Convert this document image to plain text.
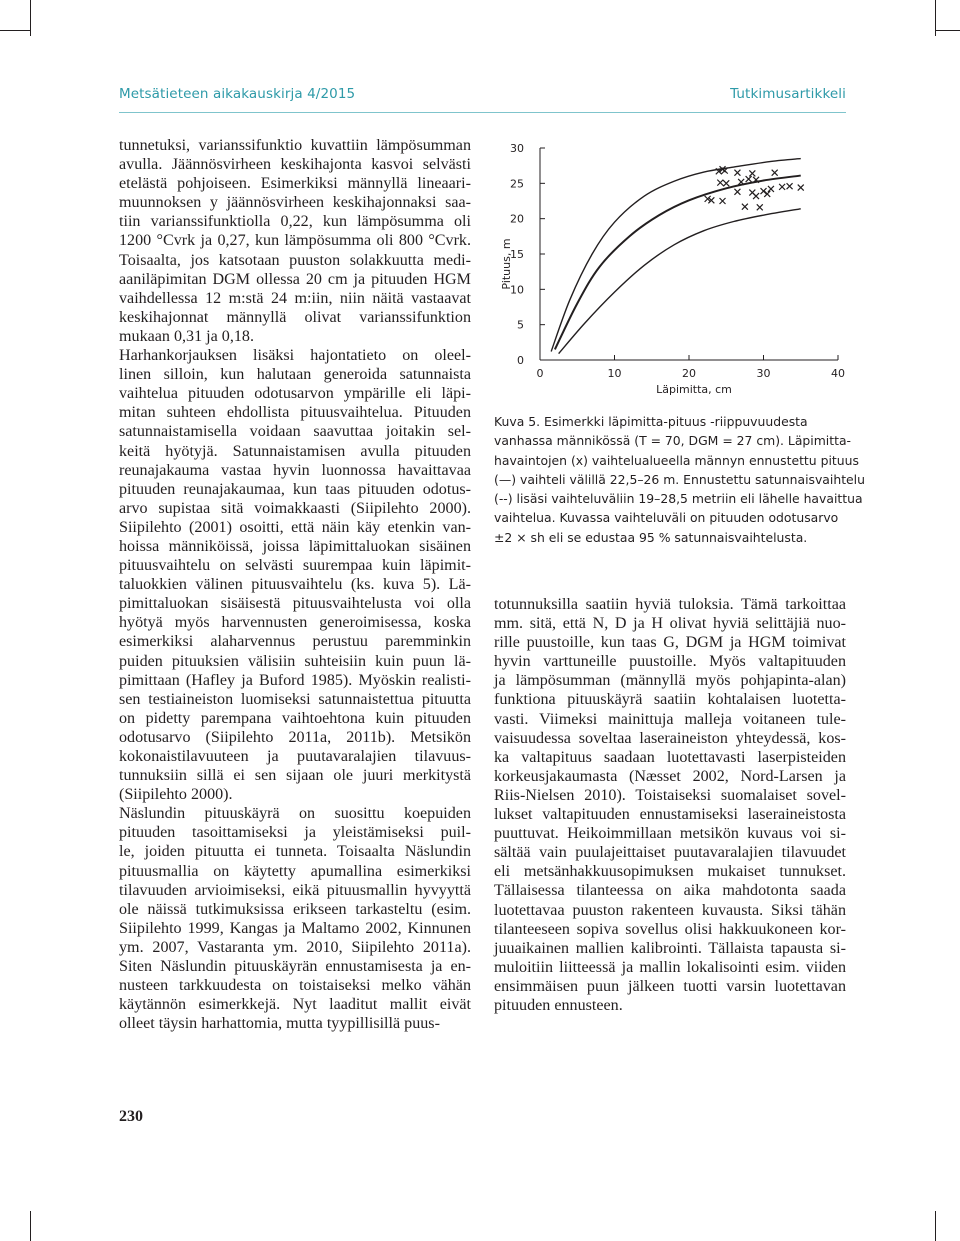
Metsätieteen aikakauskirja 4/2015	Tutkimusartikkeli

tunnetuksi, varianssifunktio kuvattiin lämpösumman
avulla. Jäännösvirheen keskihajonta kasvoi selvästi
etelästä pohjoiseen. Esimerkiksi männyllä lineaari-
muunnoksen y jäännösvirheen keskihajonnaksi saa-
tiin varianssifunktiolla 0,22, kun lämpösumma oli
1200 °Cvrk ja 0,27, kun lämpösumma oli 800 °Cvrk.
Toisaalta, jos katsotaan puuston solakkuutta medi-
aaniläpimitan DGM ollessa 20 cm ja pituuden HGM
vaihdellessa 12 m:stä 24 m:iin, niin näitä vastaavat
keskihajonnat männyllä olivat varianssifunktion
mukaan 0,31 ja 0,18.
Harhankorjauksen lisäksi hajontatieto on oleel-
linen silloin, kun halutaan generoida satunnaista
vaihtelua pituuden odotusarvon ympärille eli läpi-
mitan suhteen ehdollista pituusvaihtelua. Pituuden
satunnaistamisella voidaan saavuttaa joitakin sel-
keitä hyötyjä. Satunnaistamisen avulla pituuden
reunajakauma vastaa hyvin luonnossa havaittavaa
pituuden reunajakaumaa, kun taas pituuden odotus-
arvo supistaa sitä voimakkaasti (Siipilehto 2000).
Siipilehto (2001) osoitti, että näin käy etenkin van-
hoissa männiköissä, joissa läpimittaluokan sisäinen
pituusvaihtelu on selvästi suurempaa kuin läpimit-
taluokkien välinen pituusvaihtelu (ks. kuva 5). Lä-
pimittaluokan sisäisestä pituusvaihtelusta voi olla
hyötyä myös harvennusten generoimisessa, koska
esimerkiksi alaharvennus perustuu paremminkin
puiden pituuksien välisiin suhteisiin kuin puun lä-
pimittaan (Hafley ja Buford 1985). Myöskin realisti-
sen testiaineiston luomiseksi satunnaistettua pituutta
on pidetty parempana vaihtoehtona kuin pituuden
odotusarvo (Siipilehto 2011a, 2011b). Metsikön
kokonaistilavuuteen ja puutavaralajien tilavuus-
tunnuksiin sillä ei sen sijaan ole juuri merkitystä
(Siipilehto 2000).
Näslundin pituuskäyrä on suosittu koepuiden
pituuden tasoittamiseksi ja yleistämiseksi puil-
le, joiden pituutta ei tunneta. Toisaalta Näslundin
pituusmallia on käytetty apumallina esimerkiksi
tilavuuden arvioimiseksi, eikä pituusmallin hyvyyttä
ole näissä tutkimuksissa erikseen tarkasteltu (esim.
Siipilehto 1999, Kangas ja Maltamo 2002, Kinnunen
ym. 2007, Vastaranta ym. 2010, Siipilehto 2011a).
Siten Näslundin pituuskäyrän ennustamisesta ja en-
nusteen tarkkuudesta on toistaiseksi melko vähän
käytännön esimerkkejä. Nyt laaditut mallit eivät
olleet täysin harhattomia, mutta tyypillisillä puus-

0
5
10
15
20
25
30
0	10	20	30	40
Läpimitta, cm
Pituus, m
Kuva 5. Esimerkki läpimitta-pituus -riippuvuudesta
vanhassa männikössä (T = 70, DGM = 27 cm). Läpimitta-
havaintojen (x) vaihtelualueella männyn ennustettu pituus
(—) vaihteli välillä 22,5–26 m. Ennustettu satunnaisvaihtelu
(--) lisäsi vaihteluväliin 19–28,5 metriin eli lähelle havaittua
vaihtelua. Kuvassa vaihteluväli on pituuden odotusarvo
±2 × sh eli se edustaa 95 % satunnaisvaihtelusta.

totunnuksilla saatiin hyviä tuloksia. Tämä tarkoittaa
mm. sitä, että N, D ja H olivat hyviä selittäjiä nuo-
rille puustoille, kun taas G, DGM ja HGM toimivat
hyvin varttuneille puustoille. Myös valtapituuden
ja lämpösumman (männyllä myös pohjapinta-alan)
funktiona pituuskäyrä saatiin kohtalaisen luotetta-
vasti. Viimeksi mainittuja malleja voitaneen tule-
vaisuudessa soveltaa laseraineiston yhteydessä, kos-
ka valtapituus saadaan luotettavasti laserpisteiden
korkeusjakaumasta (Næsset 2002, Nord-Larsen ja
Riis-Nielsen 2010). Toistaiseksi suomalaiset sovel-
lukset valtapituuden ennustamiseksi laseraineistosta
puuttuvat. Heikoimmillaan metsikön kuvaus voi si-
sältää vain puulajeittaiset puutavaralajien tilavuudet
eli metsänhakkuusopimuksen mukaiset tunnukset.
Tällaisessa tilanteessa on aika mahdotonta saada
luotettavaa puuston rakenteen kuvausta. Siksi tähän
tilanteeseen sopiva sovellus olisi hakkuukoneen kor-
juuaikainen mallien kalibrointi. Tällaista tapausta si-
muloitiin liitteessä ja mallin lokalisointi esim. viiden
ensimmäisen puun jälkeen tuotti varsin luotettavan
pituuden ennusteen.

230
